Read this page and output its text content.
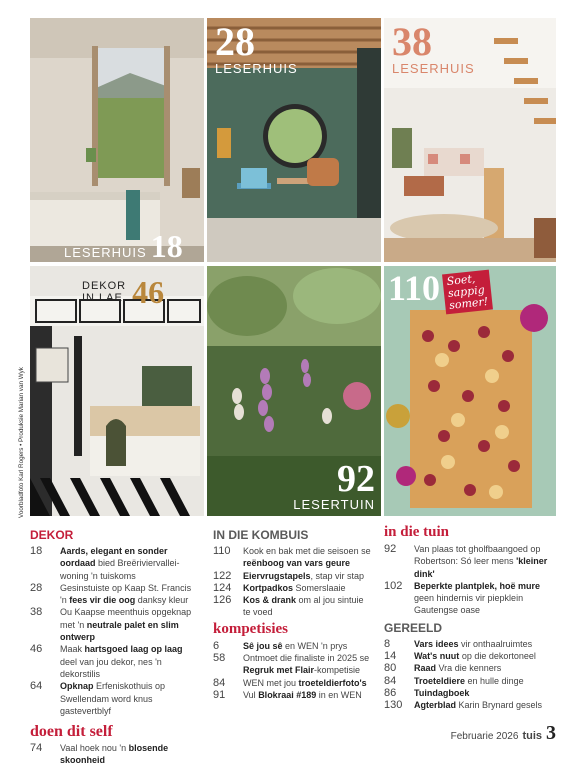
LESERHUIS 18
28
LESERHUIS
38
LESERHUIS
DEKOR
IN LAE 46
Voorbladfoto Karl Rogers • Produksie Marian van Wyk	92
LESERTUIN
110 Soet,
sappig
somer!
DEKOR
18	Aards, elegant en sonder oordaad bied Breëriviervallei-woning 'n tuiskoms
28	Gesinstuiste op Kaap St. Francis 'n fees vir die oog danksy kleur
38	Ou Kaapse meenthuis opgeknap met 'n neutrale palet en slim ontwerp
46	Maak hartsgoed laag op laag deel van jou dekor, nes 'n dekorstilis
64	Opknap Erfeniskothuis op Swellendam word knus gastevertblyf
doen dit self
74	Vaal hoek nou 'n blosende skoonheid
IN DIE KOMBUIS
110	Kook en bak met die seisoen se reënboog van vars geure
122	Eiervrugstapels, stap vir stap
124	Kortpadkos Somerslaaie
126	Kos & drank om al jou sintuie te voed
kompetisies
6	Sê jou sê en WEN 'n prys
58	Ontmoet die finaliste in 2025 se Regruk met Flair-kompetisie
84	WEN met jou troeteldierfoto's
91	Vul Blokraai #189 in en WEN
in die tuin
92	Van plaas tot gholfbaangoed op Robertson: Só leer mens 'kleiner dink'
102	Beperkte plantplek, hoë mure geen hindernis vir piepklein Gautengse oase
GEREELD
8	Vars idees vir onthaalruimtes
14	Wat's nuut op die dekortoneel
80	Raad Vra die kenners
84	Troeteldiere en hulle dinge
86	Tuindagboek
130	Agterblad Karin Brynard gesels
Februarie 2026 tuis 3
